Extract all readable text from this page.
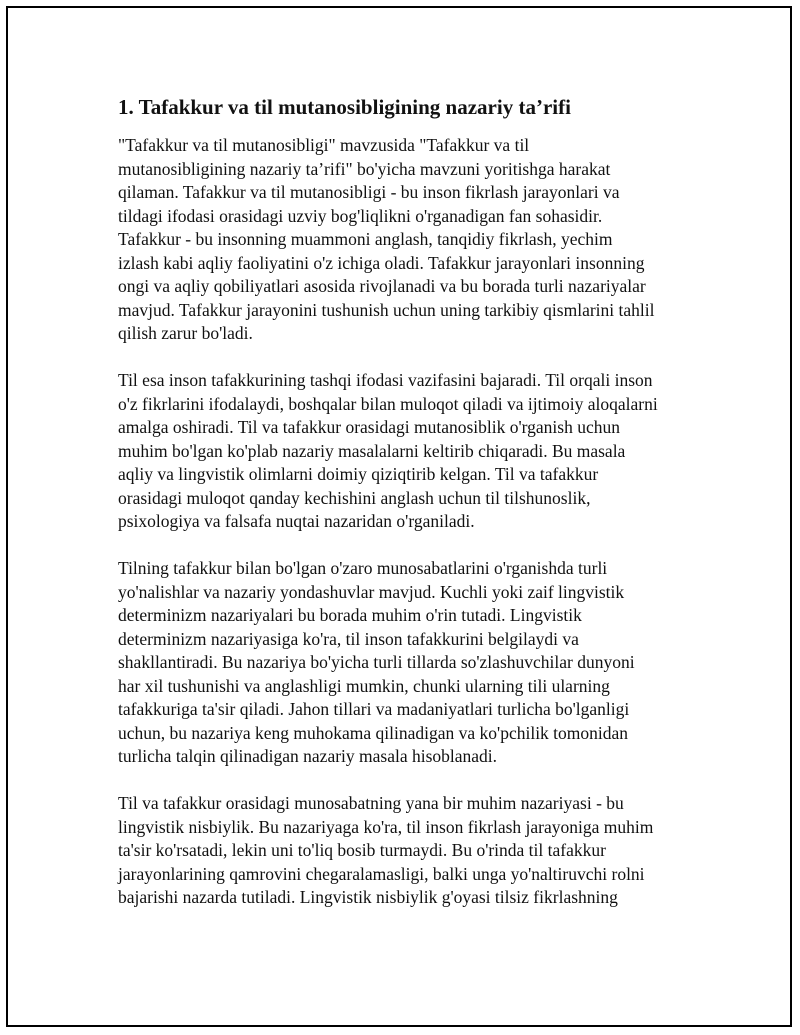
1. Tafakkur va til mutanosibligining nazariy ta’rifi

"Tafakkur va til mutanosibligi" mavzusida "Tafakkur va til
mutanosibligining nazariy ta’rifi" bo'yicha mavzuni yoritishga harakat
qilaman. Tafakkur va til mutanosibligi - bu inson fikrlash jarayonlari va
tildagi ifodasi orasidagi uzviy bog'liqlikni o'rganadigan fan sohasidir.
Tafakkur - bu insonning muammoni anglash, tanqidiy fikrlash, yechim
izlash kabi aqliy faoliyatini o'z ichiga oladi. Tafakkur jarayonlari insonning
ongi va aqliy qobiliyatlari asosida rivojlanadi va bu borada turli nazariyalar
mavjud. Tafakkur jarayonini tushunish uchun uning tarkibiy qismlarini tahlil
qilish zarur bo'ladi.

Til esa inson tafakkurining tashqi ifodasi vazifasini bajaradi. Til orqali inson
o'z fikrlarini ifodalaydi, boshqalar bilan muloqot qiladi va ijtimoiy aloqalarni
amalga oshiradi. Til va tafakkur orasidagi mutanosiblik o'rganish uchun
muhim bo'lgan ko'plab nazariy masalalarni keltirib chiqaradi. Bu masala
aqliy va lingvistik olimlarni doimiy qiziqtirib kelgan. Til va tafakkur
orasidagi muloqot qanday kechishini anglash uchun til tilshunoslik,
psixologiya va falsafa nuqtai nazaridan o'rganiladi.

Tilning tafakkur bilan bo'lgan o'zaro munosabatlarini o'rganishda turli
yo'nalishlar va nazariy yondashuvlar mavjud. Kuchli yoki zaif lingvistik
determinizm nazariyalari bu borada muhim o'rin tutadi. Lingvistik
determinizm nazariyasiga ko'ra, til inson tafakkurini belgilaydi va
shakllantiradi. Bu nazariya bo'yicha turli tillarda so'zlashuvchilar dunyoni
har xil tushunishi va anglashligi mumkin, chunki ularning tili ularning
tafakkuriga ta'sir qiladi. Jahon tillari va madaniyatlari turlicha bo'lganligi
uchun, bu nazariya keng muhokama qilinadigan va ko'pchilik tomonidan
turlicha talqin qilinadigan nazariy masala hisoblanadi.

Til va tafakkur orasidagi munosabatning yana bir muhim nazariyasi - bu
lingvistik nisbiylik. Bu nazariyaga ko'ra, til inson fikrlash jarayoniga muhim
ta'sir ko'rsatadi, lekin uni to'liq bosib turmaydi. Bu o'rinda til tafakkur
jarayonlarining qamrovini chegaralamasligi, balki unga yo'naltiruvchi rolni
bajarishi nazarda tutiladi. Lingvistik nisbiylik g'oyasi tilsiz fikrlashning
